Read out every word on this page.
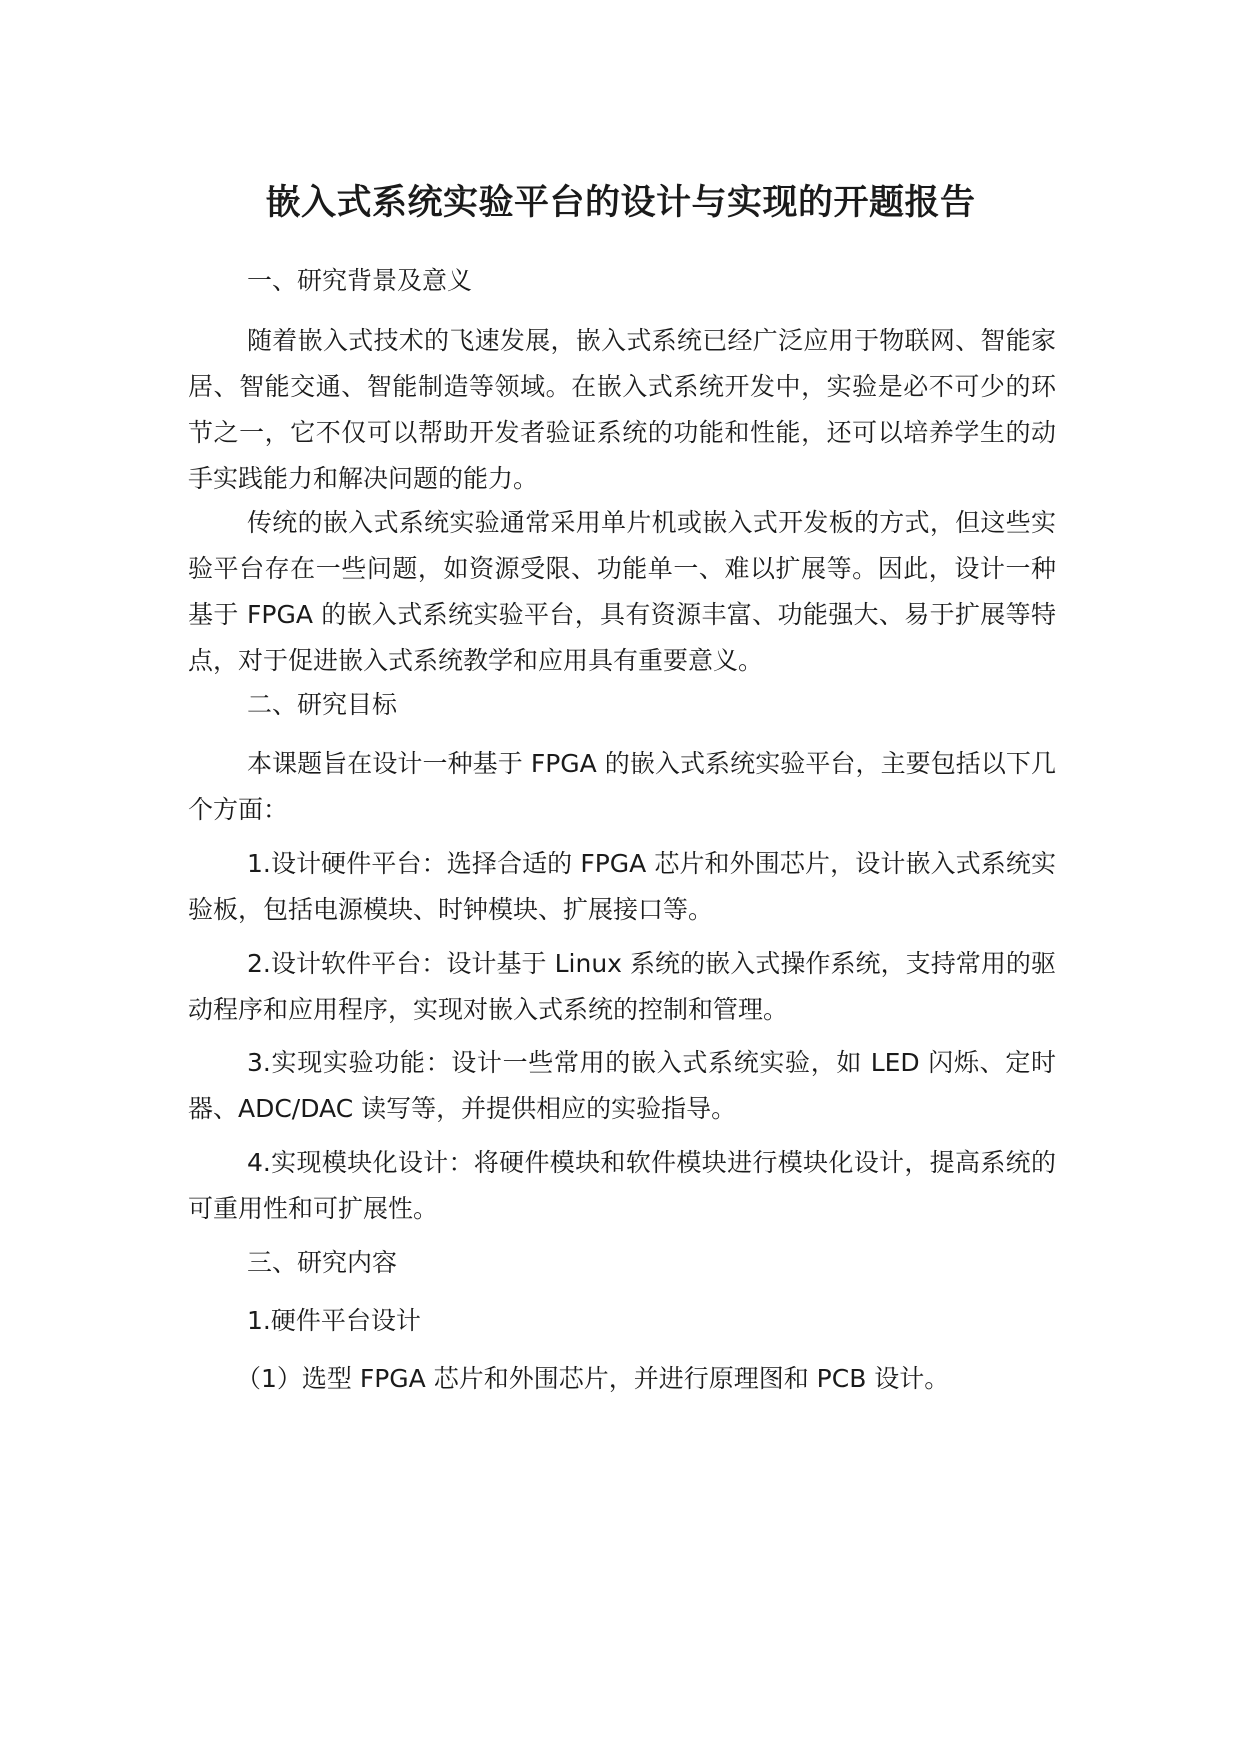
嵌入式系统实验平台的设计与实现的开题报告

一、研究背景及意义

随着嵌入式技术的飞速发展，嵌入式系统已经广泛应用于物联网、智能家居、智能交通、智能制造等领域。在嵌入式系统开发中，实验是必不可少的环节之一，它不仅可以帮助开发者验证系统的功能和性能，还可以培养学生的动手实践能力和解决问题的能力。

传统的嵌入式系统实验通常采用单片机或嵌入式开发板的方式，但这些实验平台存在一些问题，如资源受限、功能单一、难以扩展等。因此，设计一种基于 FPGA 的嵌入式系统实验平台，具有资源丰富、功能强大、易于扩展等特点，对于促进嵌入式系统教学和应用具有重要意义。

二、研究目标

本课题旨在设计一种基于 FPGA 的嵌入式系统实验平台，主要包括以下几个方面：

1.设计硬件平台：选择合适的 FPGA 芯片和外围芯片，设计嵌入式系统实验板，包括电源模块、时钟模块、扩展接口等。

2.设计软件平台：设计基于 Linux 系统的嵌入式操作系统，支持常用的驱动程序和应用程序，实现对嵌入式系统的控制和管理。

3.实现实验功能：设计一些常用的嵌入式系统实验，如 LED 闪烁、定时器、ADC/DAC 读写等，并提供相应的实验指导。

4.实现模块化设计：将硬件模块和软件模块进行模块化设计，提高系统的可重用性和可扩展性。

三、研究内容

1.硬件平台设计

（1）选型 FPGA 芯片和外围芯片，并进行原理图和 PCB 设计。
